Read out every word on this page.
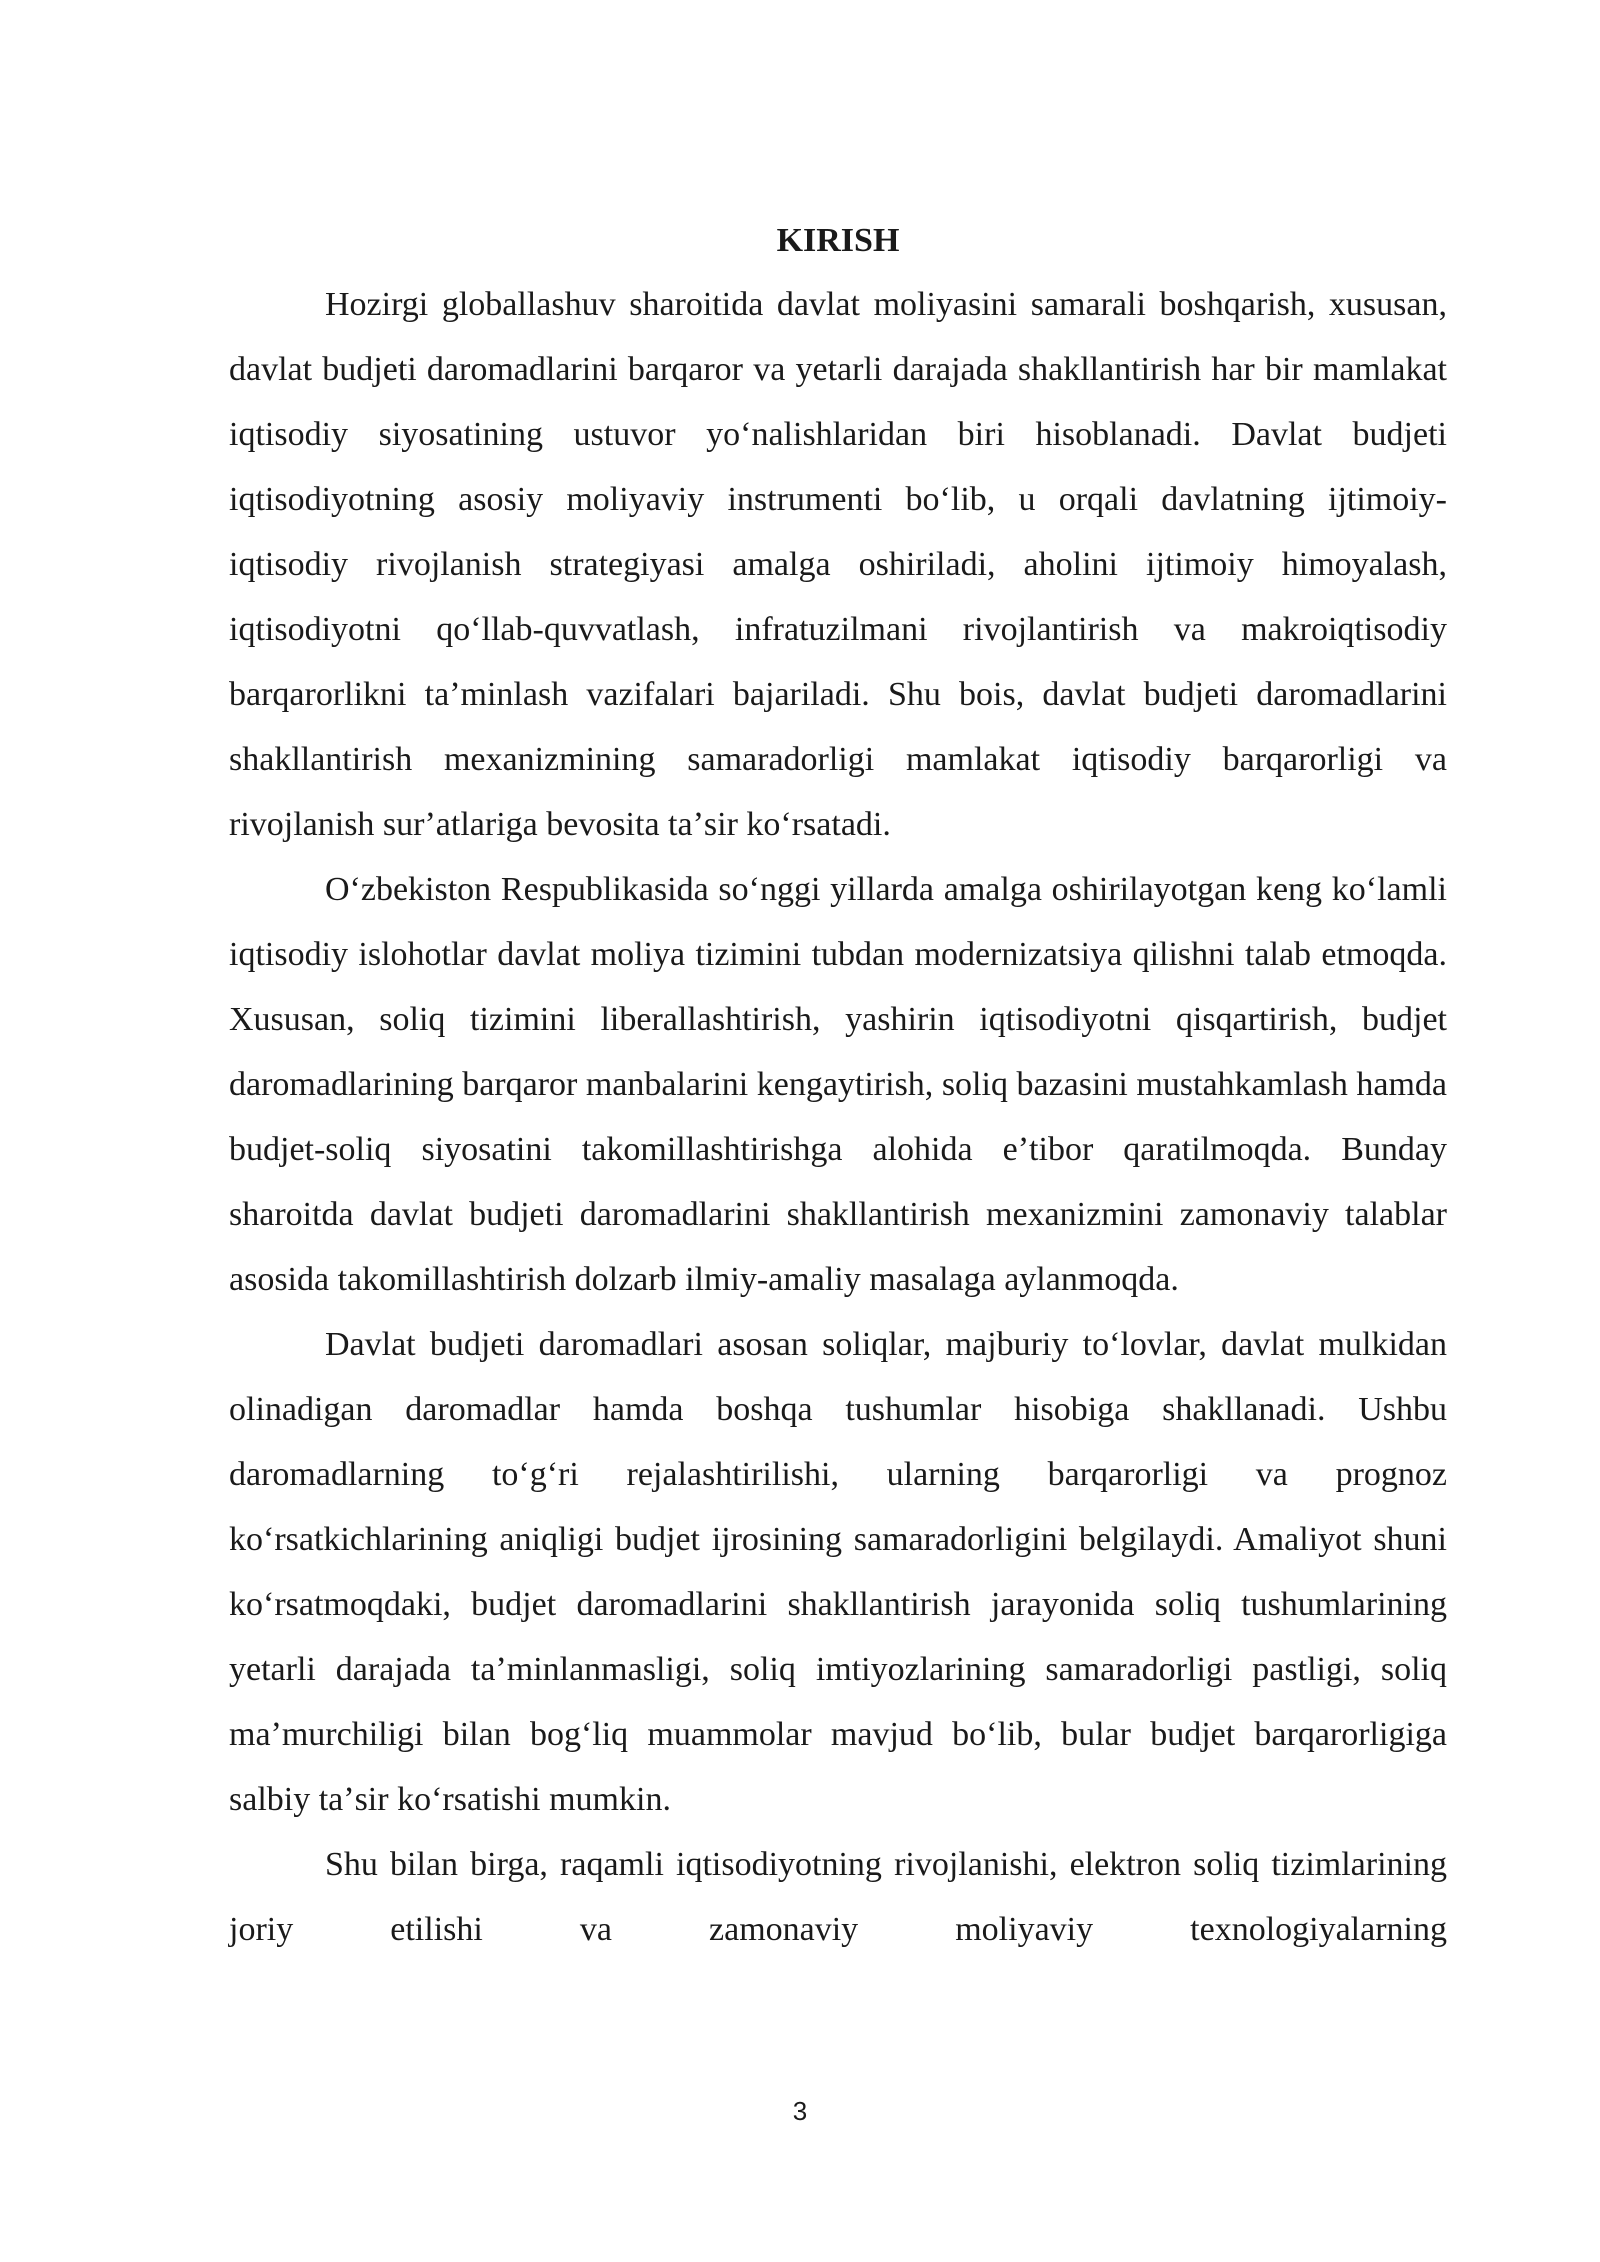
KIRISH

Hozirgi globallashuv sharoitida davlat moliyasini samarali boshqarish, xususan, davlat budjeti daromadlarini barqaror va yetarli darajada shakllantirish har bir mamlakat iqtisodiy siyosatining ustuvor yoʻnalishlaridan biri hisoblanadi. Davlat budjeti iqtisodiyotning asosiy moliyaviy instrumenti boʻlib, u orqali davlatning ijtimoiy-iqtisodiy rivojlanish strategiyasi amalga oshiriladi, aholini ijtimoiy himoyalash, iqtisodiyotni qoʻllab-quvvatlash, infratuzilmani rivojlantirish va makroiqtisodiy barqarorlikni taʼminlash vazifalari bajariladi. Shu bois, davlat budjeti daromadlarini shakllantirish mexanizmining samaradorligi mamlakat iqtisodiy barqarorligi va rivojlanish surʼatlariga bevosita taʼsir koʻrsatadi.

Oʻzbekiston Respublikasida soʻnggi yillarda amalga oshirilayotgan keng koʻlamli iqtisodiy islohotlar davlat moliya tizimini tubdan modernizatsiya qilishni talab etmoqda. Xususan, soliq tizimini liberallashtirish, yashirin iqtisodiyotni qisqartirish, budjet daromadlarining barqaror manbalarini kengaytirish, soliq bazasini mustahkamlash hamda budjet-soliq siyosatini takomillashtirishga alohida eʼtibor qaratilmoqda. Bunday sharoitda davlat budjeti daromadlarini shakllantirish mexanizmini zamonaviy talablar asosida takomillashtirish dolzarb ilmiy-amaliy masalaga aylanmoqda.

Davlat budjeti daromadlari asosan soliqlar, majburiy toʻlovlar, davlat mulkidan olinadigan daromadlar hamda boshqa tushumlar hisobiga shakllanadi. Ushbu daromadlarning toʻgʻri rejalashtirilishi, ularning barqarorligi va prognoz koʻrsatkichlarining aniqligi budjet ijrosining samaradorligini belgilaydi. Amaliyot shuni koʻrsatmoqdaki, budjet daromadlarini shakllantirish jarayonida soliq tushumlarining yetarli darajada taʼminlanmasligi, soliq imtiyozlarining samaradorligi pastligi, soliq maʼmurchiligi bilan bogʻliq muammolar mavjud boʻlib, bular budjet barqarorligiga salbiy taʼsir koʻrsatishi mumkin.

Shu bilan birga, raqamli iqtisodiyotning rivojlanishi, elektron soliq tizimlarining joriy etilishi va zamonaviy moliyaviy texnologiyalarning

3
